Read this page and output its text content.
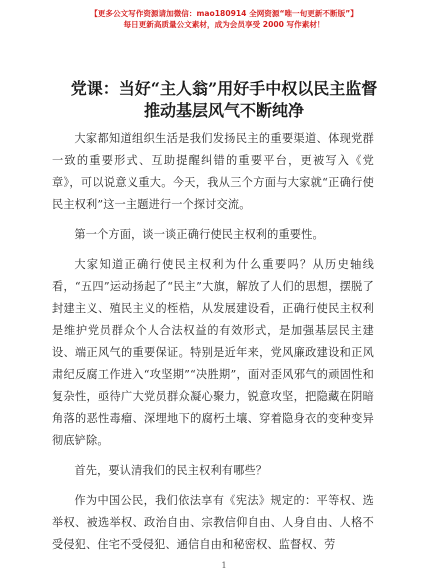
【更多公文写作资源请加微信：mao180914 全网资源“唯一旬更新不断版”】
每日更新高质量公文素材，成为会员享受 2000 写作素材！
党课：当好“主人翁”用好手中权以民主监督
推动基层风气不断纯净

大家都知道组织生活是我们发扬民主的重要渠道、体现党群一致的重要形式、互助提醒纠错的重要平台，更被写入《党章》，可以说意义重大。今天，我从三个方面与大家就“正确行使民主权利”这一主题进行一个探讨交流。

第一个方面，谈一谈正确行使民主权利的重要性。

大家知道正确行使民主权利为什么重要吗？从历史轴线看，“五四”运动扬起了“民主”大旗，解放了人们的思想，摆脱了封建主义、殖民主义的桎梏，从发展建设看，正确行使民主权利是维护党员群众个人合法权益的有效形式，是加强基层民主建设、端正风气的重要保证。特别是近年来，党风廉政建设和正风肃纪反腐工作进入“攻坚期”“决胜期”，面对歪风邪气的顽固性和复杂性，亟待广大党员群众凝心聚力，锐意攻坚，把隐藏在阴暗角落的恶性毒瘤、深埋地下的腐朽土壤、穿着隐身衣的变种变异彻底铲除。

首先，要认清我们的民主权利有哪些？

作为中国公民，我们依法享有《宪法》规定的：平等权、选举权、被选举权、政治自由、宗教信仰自由、人身自由、人格不受侵犯、住宅不受侵犯、通信自由和秘密权、监督权、劳

1
